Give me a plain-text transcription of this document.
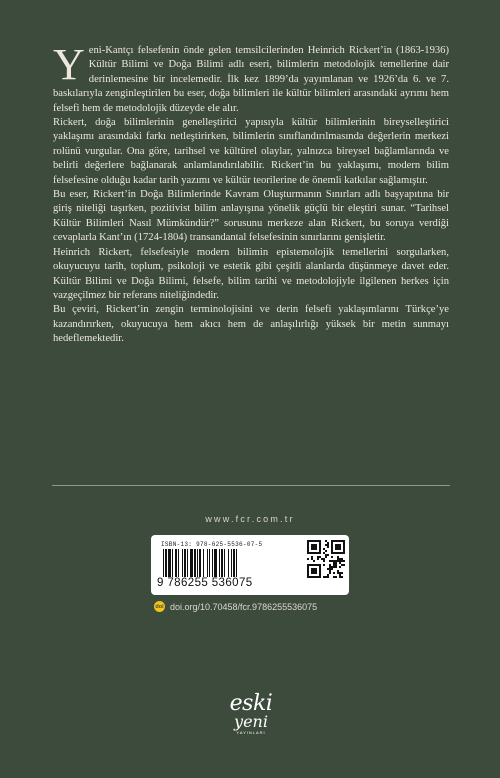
Yeni-Kantçı felsefenin önde gelen temsilcilerinden Heinrich Rickert’in (1863-1936) Kültür Bilimi ve Doğa Bilimi adlı eseri, bilimlerin metodolojik temellerine dair derinlemesine bir incelemedir. İlk kez 1899’da yayımlanan ve 1926’da 6. ve 7. baskılarıyla zenginleştirilen bu eser, doğa bilimleri ile kültür bilimleri arasındaki ayrımı hem felsefi hem de metodolojik düzeyde ele alır.

Rickert, doğa bilimlerinin genelleştirici yapısıyla kültür bilimlerinin bireyselleştirici yaklaşımı arasındaki farkı netleştirirken, bilimlerin sınıflandırılmasında değerlerin merkezi rolünü vurgular. Ona göre, tarihsel ve kültürel olaylar, yalnızca bireysel bağlamlarında ve belirli değerlere bağlanarak anlamlandırılabilir. Rickert’in bu yaklaşımı, modern bilim felsefesine olduğu kadar tarih yazımı ve kültür teorilerine de önemli katkılar sağlamıştır.

Bu eser, Rickert’in Doğa Bilimlerinde Kavram Oluşturmanın Sınırları adlı başyapıtına bir giriş niteliği taşırken, pozitivist bilim anlayışına yönelik güçlü bir eleştiri sunar. “Tarihsel Kültür Bilimleri Nasıl Mümkündür?” sorusunu merkeze alan Rickert, bu soruya verdiği cevaplarla Kant’ın (1724-1804) transandantal felsefesinin sınırlarını genişletir.

Heinrich Rickert, felsefesiyle modern bilimin epistemolojik temellerini sorgularken, okuyucuyu tarih, toplum, psikoloji ve estetik gibi çeşitli alanlarda düşünmeye davet eder. Kültür Bilimi ve Doğa Bilimi, felsefe, bilim tarihi ve metodolojiyle ilgilenen herkes için vazgeçilmez bir referans niteliğindedir.

Bu çeviri, Rickert’in zengin terminolojisini ve derin felsefi yaklaşımlarını Türkçe’ye kazandırırken, okuyucuya hem akıcı hem de anlaşılırlığı yüksek bir metin sunmayı hedeflemektedir.

www.fcr.com.tr
ISBN-13: 978-625-5536-07-5
9 786255 536075
doi doi.org/10.70458/fcr.9786255536075
eski
yeni
YAYINLARI
